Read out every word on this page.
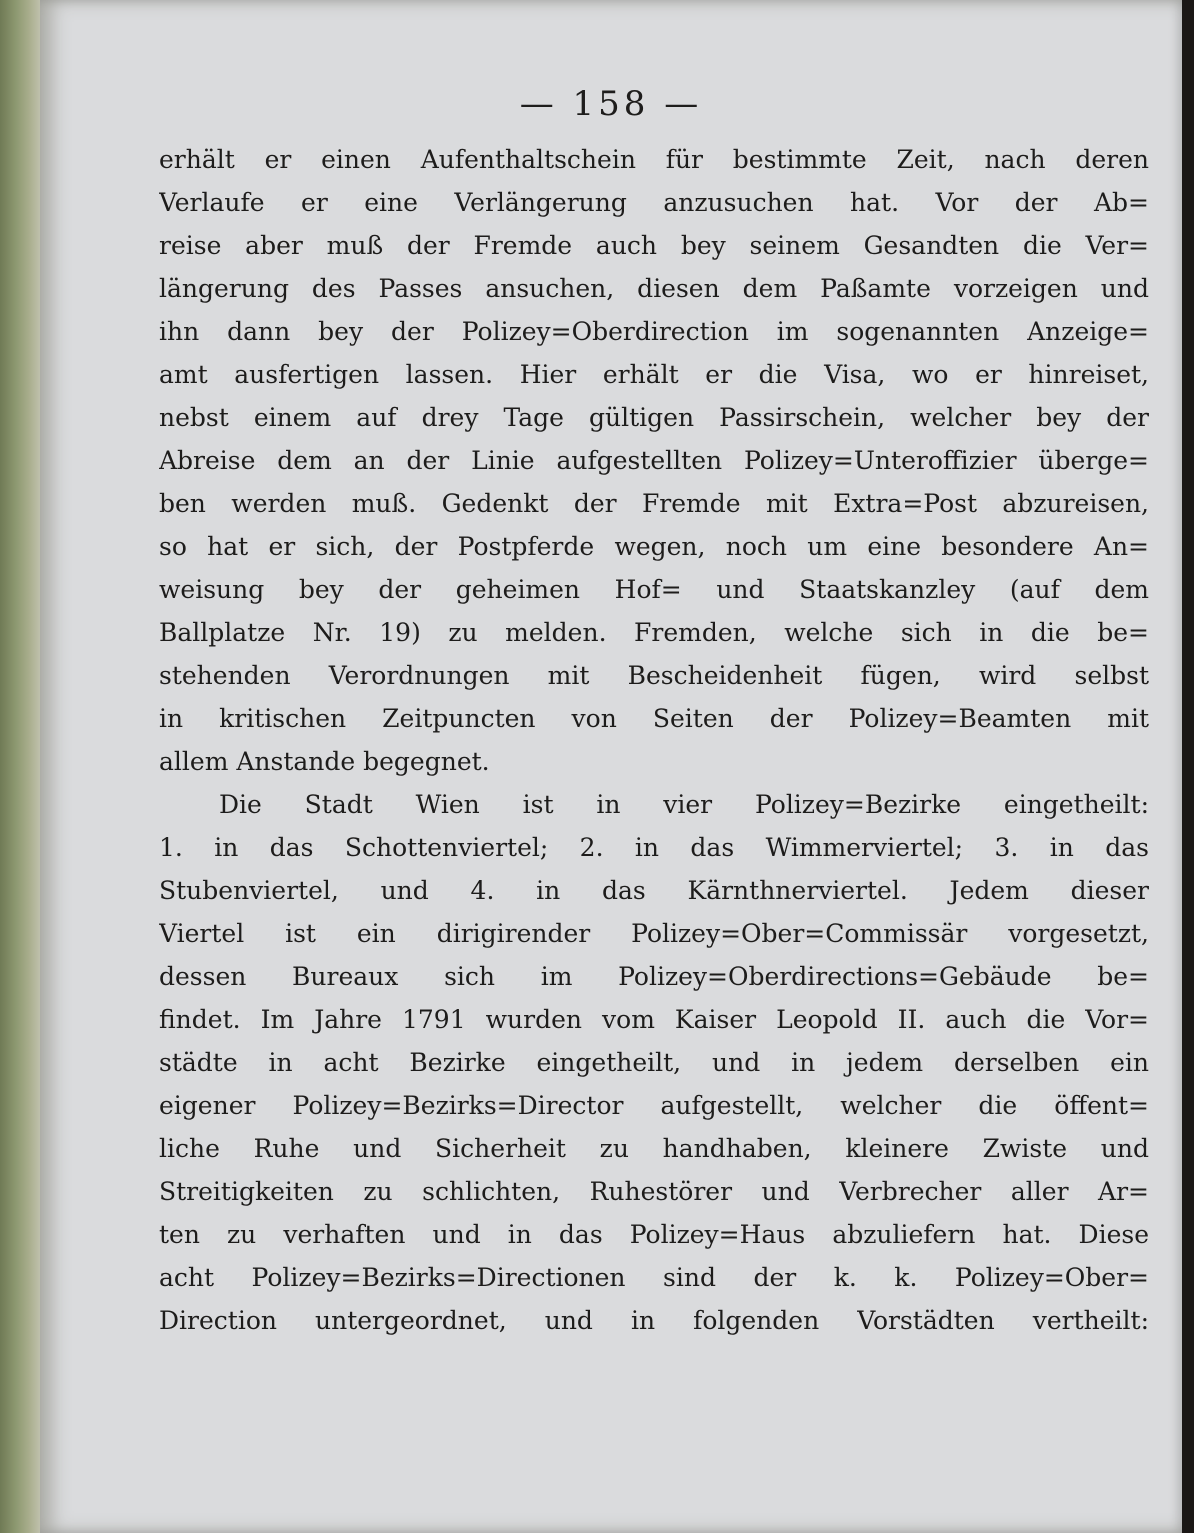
— 158 —
erhält er einen Aufenthaltschein für bestimmte Zeit, nach deren
Verlaufe er eine Verlängerung anzusuchen hat. Vor der Ab=
reise aber muß der Fremde auch bey seinem Gesandten die Ver=
längerung des Passes ansuchen, diesen dem Paßamte vorzeigen und
ihn dann bey der Polizey=Oberdirection im sogenannten Anzeige=
amt ausfertigen lassen. Hier erhält er die Visa, wo er hinreiset,
nebst einem auf drey Tage gültigen Passirschein, welcher bey der
Abreise dem an der Linie aufgestellten Polizey=Unteroffizier überge=
ben werden muß. Gedenkt der Fremde mit Extra=Post abzureisen,
so hat er sich, der Postpferde wegen, noch um eine besondere An=
weisung bey der geheimen Hof= und Staatskanzley (auf dem
Ballplatze Nr. 19) zu melden. Fremden, welche sich in die be=
stehenden Verordnungen mit Bescheidenheit fügen, wird selbst
in kritischen Zeitpuncten von Seiten der Polizey=Beamten mit
allem Anstande begegnet.
Die Stadt Wien ist in vier Polizey=Bezirke eingetheilt:
1. in das Schottenviertel; 2. in das Wimmerviertel; 3. in das
Stubenviertel, und 4. in das Kärnthnerviertel. Jedem dieser
Viertel ist ein dirigirender Polizey=Ober=Commissär vorgesetzt,
dessen Bureaux sich im Polizey=Oberdirections=Gebäude be=
findet. Im Jahre 1791 wurden vom Kaiser Leopold II. auch die Vor=
städte in acht Bezirke eingetheilt, und in jedem derselben ein
eigener Polizey=Bezirks=Director aufgestellt, welcher die öffent=
liche Ruhe und Sicherheit zu handhaben, kleinere Zwiste und
Streitigkeiten zu schlichten, Ruhestörer und Verbrecher aller Ar=
ten zu verhaften und in das Polizey=Haus abzuliefern hat. Diese
acht Polizey=Bezirks=Directionen sind der k. k. Polizey=Ober=
Direction untergeordnet, und in folgenden Vorstädten vertheilt:
